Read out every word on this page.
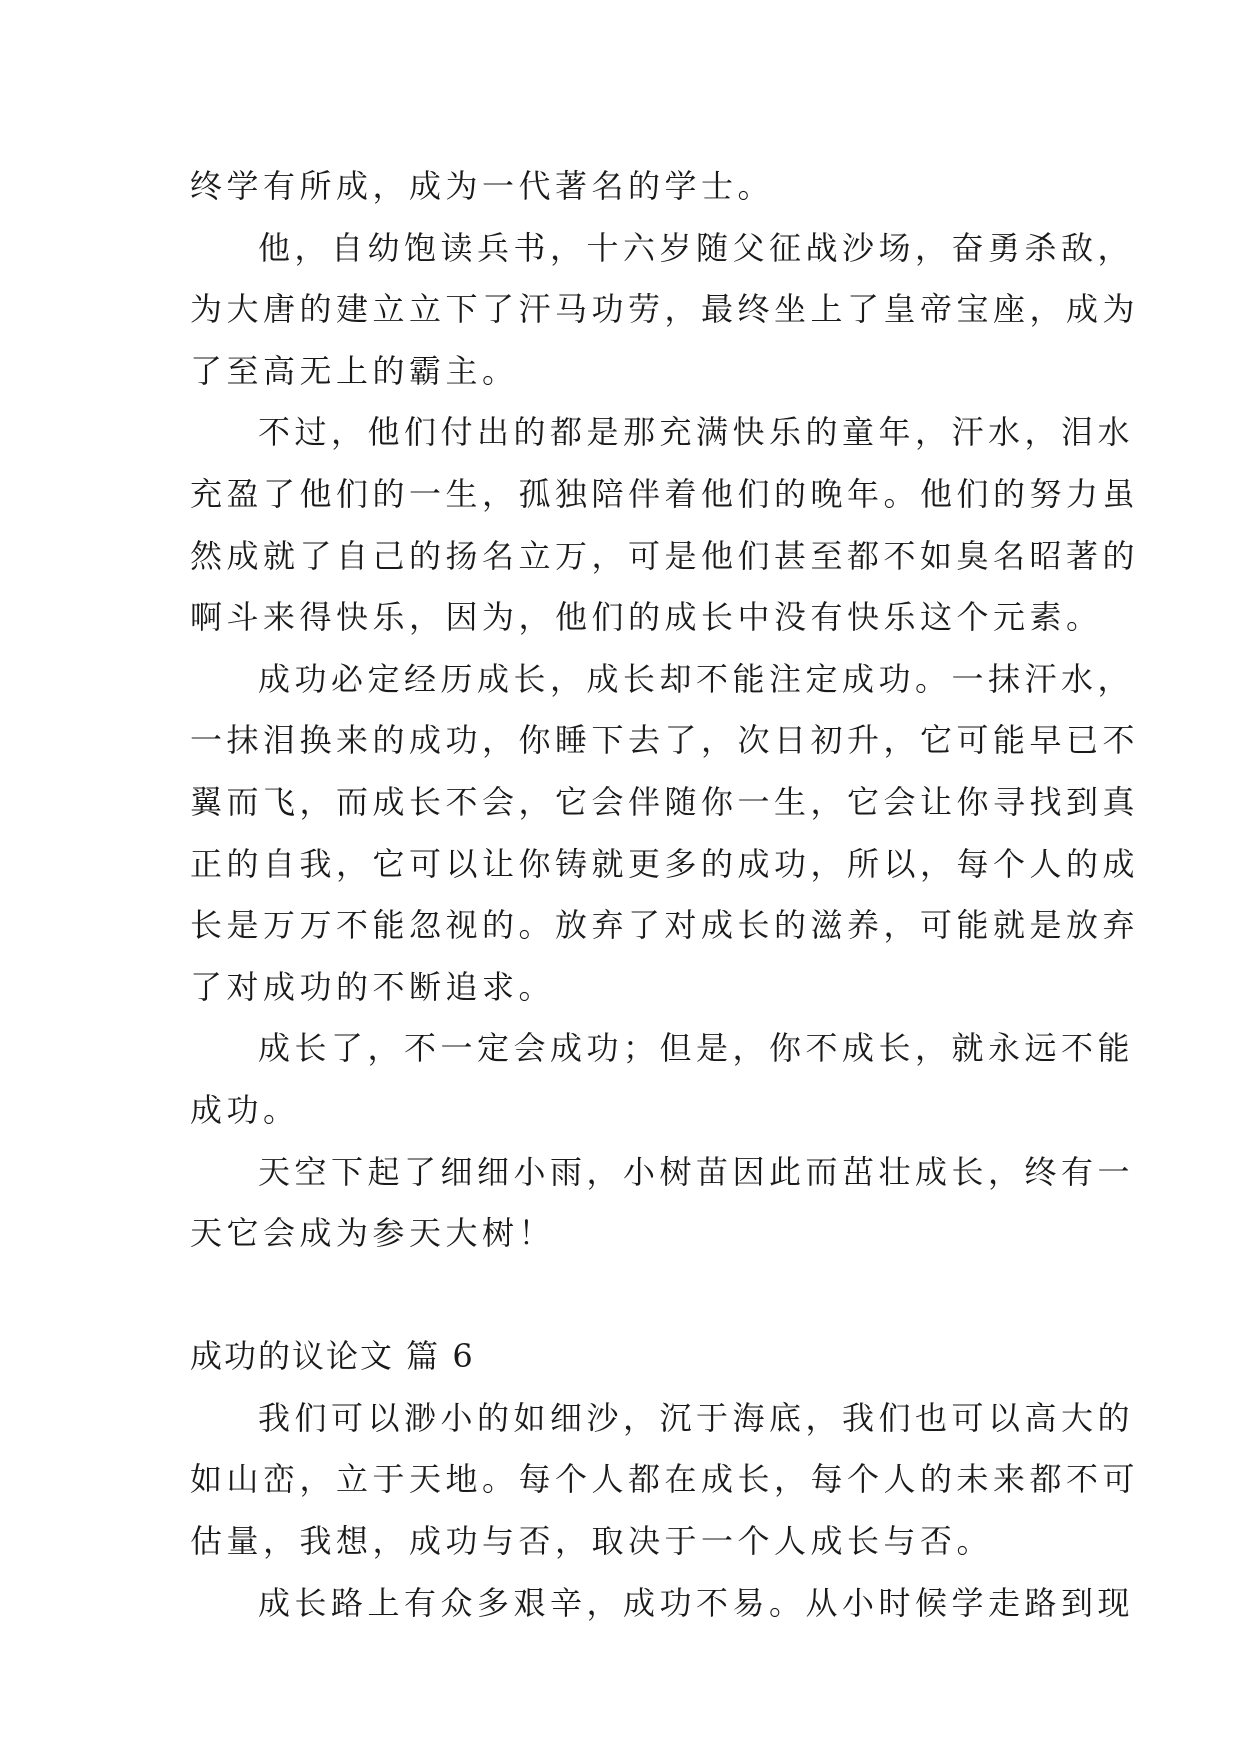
终学有所成，成为一代著名的学士。
他，自幼饱读兵书，十六岁随父征战沙场，奋勇杀敌，
为大唐的建立立下了汗马功劳，最终坐上了皇帝宝座，成为
了至高无上的霸主。
不过，他们付出的都是那充满快乐的童年，汗水，泪水
充盈了他们的一生，孤独陪伴着他们的晚年。他们的努力虽
然成就了自己的扬名立万，可是他们甚至都不如臭名昭著的
啊斗来得快乐，因为，他们的成长中没有快乐这个元素。
成功必定经历成长，成长却不能注定成功。一抹汗水，
一抹泪换来的成功，你睡下去了，次日初升，它可能早已不
翼而飞，而成长不会，它会伴随你一生，它会让你寻找到真
正的自我，它可以让你铸就更多的成功，所以，每个人的成
长是万万不能忽视的。放弃了对成长的滋养，可能就是放弃
了对成功的不断追求。
成长了，不一定会成功；但是，你不成长，就永远不能
成功。
天空下起了细细小雨，小树苗因此而茁壮成长，终有一
天它会成为参天大树！
成功的议论文 篇 6
我们可以渺小的如细沙，沉于海底，我们也可以高大的
如山峦，立于天地。每个人都在成长，每个人的未来都不可
估量，我想，成功与否，取决于一个人成长与否。
成长路上有众多艰辛，成功不易。从小时候学走路到现
